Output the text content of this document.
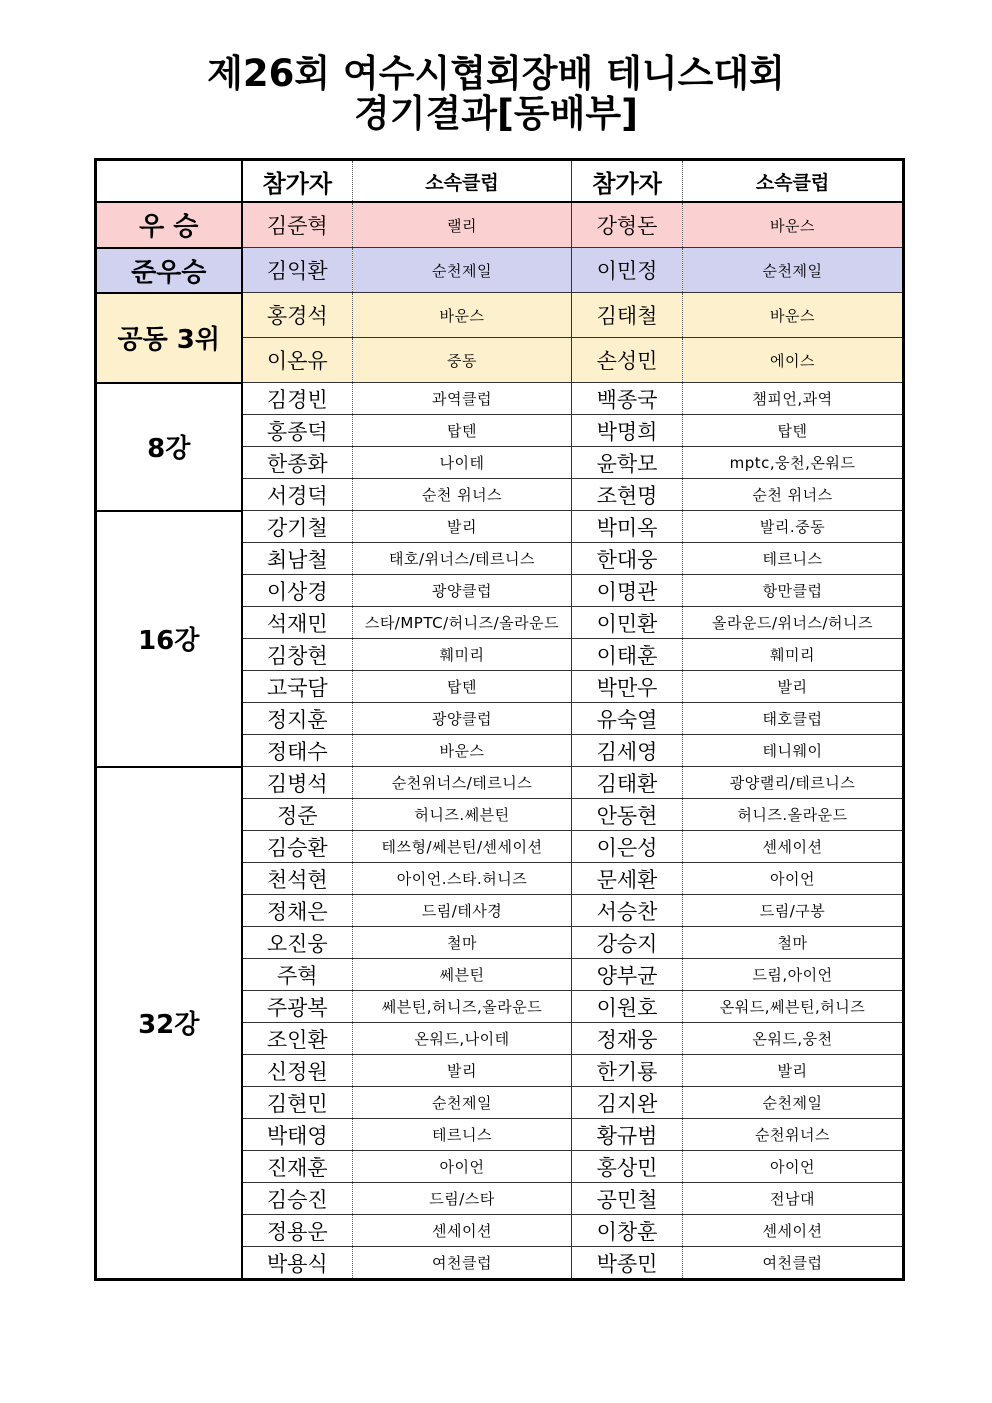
제26회 여수시협회장배 테니스대회
경기결과[동배부]
	참가자	소속클럽	참가자	소속클럽
우 승	김준혁	랠리	강형돈	바운스
준우승	김익환	순천제일	이민정	순천제일
공동 3위	홍경석	바운스	김태철	바운스
	이온유	중동	손성민	에이스
8강	김경빈	과역클럽	백종국	챔피언,과역
	홍종덕	탑텐	박명희	탑텐
	한종화	나이테	윤학모	mptc,웅천,온워드
	서경덕	순천 위너스	조현명	순천 위너스
16강	강기철	발리	박미옥	발리.중동
	최남철	태호/위너스/테르니스	한대웅	테르니스
	이상경	광양클럽	이명관	항만클럽
	석재민	스타/MPTC/허니즈/올라운드	이민환	올라운드/위너스/허니즈
	김창현	훼미리	이태훈	훼미리
	고국담	탑텐	박만우	발리
	정지훈	광양클럽	유숙열	태호클럽
	정태수	바운스	김세영	테니웨이
32강	김병석	순천위너스/테르니스	김태환	광양랠리/테르니스
	정준	허니즈.쎄븐틴	안동현	허니즈.올라운드
	김승환	테쓰형/쎄븐틴/센세이션	이은성	센세이션
	천석현	아이언.스타.허니즈	문세환	아이언
	정채은	드림/테사경	서승찬	드림/구봉
	오진웅	철마	강승지	철마
	주혁	쎄븐틴	양부균	드림,아이언
	주광복	쎄븐틴,허니즈,올라운드	이원호	온워드,쎄븐틴,허니즈
	조인환	온워드,나이테	정재웅	온워드,웅천
	신정원	발리	한기룡	발리
	김현민	순천제일	김지완	순천제일
	박태영	테르니스	황규범	순천위너스
	진재훈	아이언	홍상민	아이언
	김승진	드림/스타	공민철	전남대
	정용운	센세이션	이창훈	센세이션
	박용식	여천클럽	박종민	여천클럽
